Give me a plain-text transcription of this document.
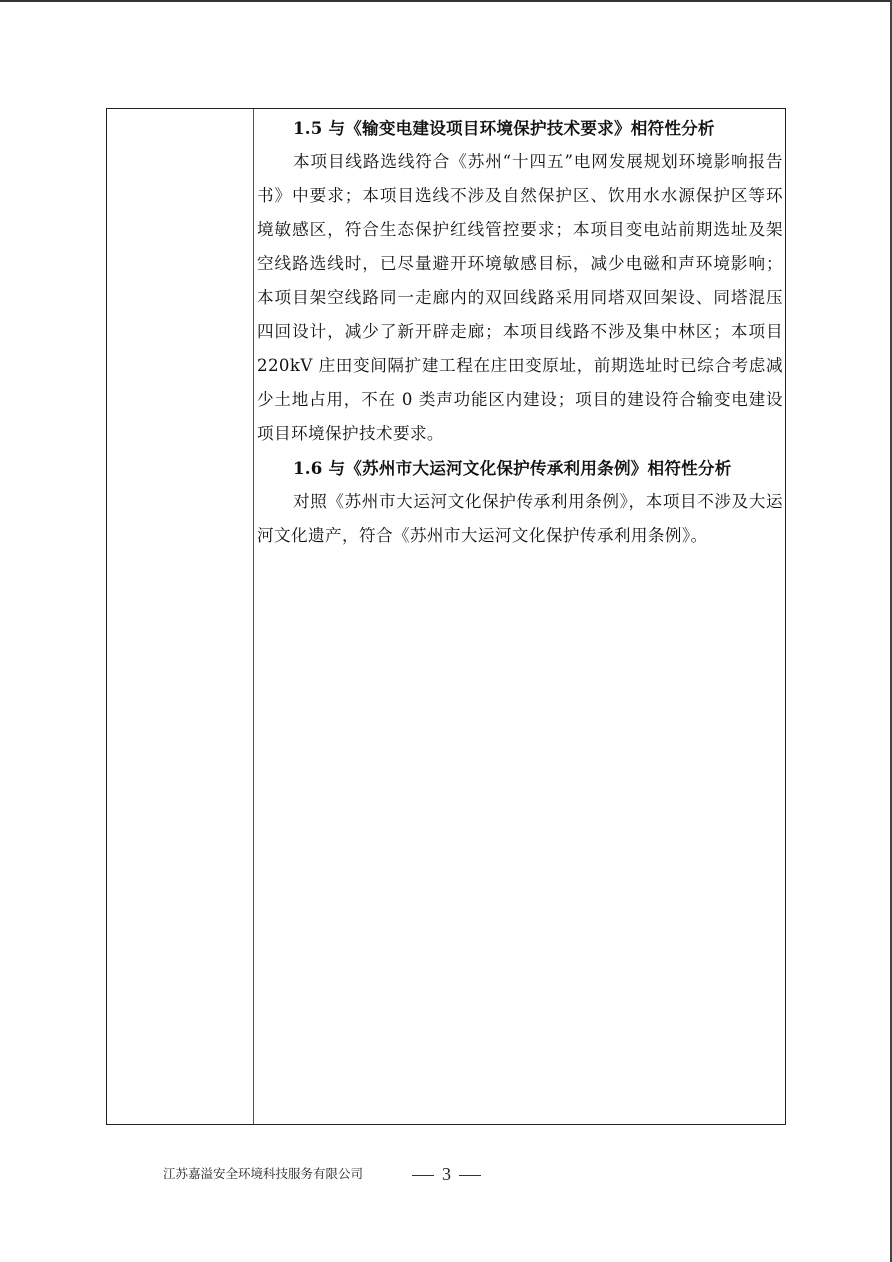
1.5 与《输变电建设项目环境保护技术要求》相符性分析

本项目线路选线符合《苏州“十四五”电网发展规划环境影响报告书》中要求；本项目选线不涉及自然保护区、饮用水水源保护区等环境敏感区，符合生态保护红线管控要求；本项目变电站前期选址及架空线路选线时，已尽量避开环境敏感目标，减少电磁和声环境影响；本项目架空线路同一走廊内的双回线路采用同塔双回架设、同塔混压四回设计，减少了新开辟走廊；本项目线路不涉及集中林区；本项目 220kV 庄田变间隔扩建工程在庄田变原址，前期选址时已综合考虑减少土地占用，不在 0 类声功能区内建设；项目的建设符合输变电建设项目环境保护技术要求。

1.6 与《苏州市大运河文化保护传承利用条例》相符性分析

对照《苏州市大运河文化保护传承利用条例》，本项目不涉及大运河文化遗产，符合《苏州市大运河文化保护传承利用条例》。

江苏嘉溢安全环境科技服务有限公司	3
